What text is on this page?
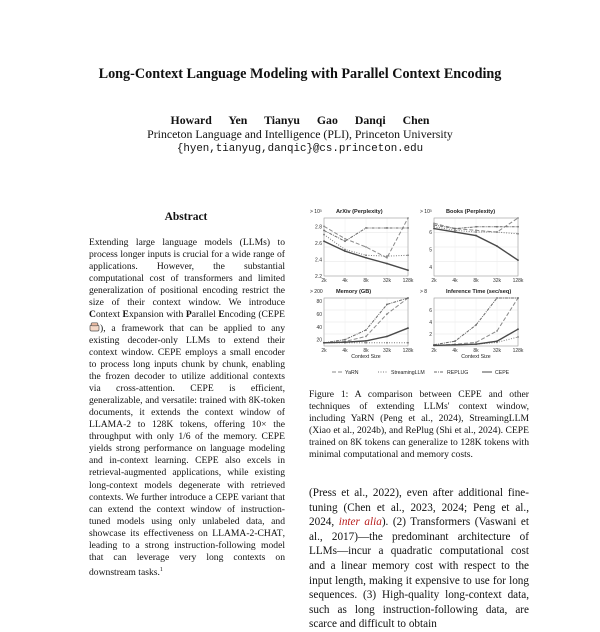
Long-Context Language Modeling with Parallel Context Encoding
Howard Yen Tianyu Gao Danqi Chen
Princeton Language and Intelligence (PLI), Princeton University
{hyen,tianyug,danqic}@cs.princeton.edu
Abstract
Extending large language models (LLMs) to process longer inputs is crucial for a wide range of applications. However, the substantial computational cost of transformers and limited generalization of positional encoding restrict the size of their context window. We introduce Context Expansion with Parallel Encoding (CEPE ), a framework that can be applied to any existing decoder-only LLMs to extend their context window. CEPE employs a small encoder to process long inputs chunk by chunk, enabling the frozen decoder to utilize additional contexts via cross-attention. CEPE is efficient, generalizable, and versatile: trained with 8K-token documents, it extends the context window of LLAMA-2 to 128K tokens, offering 10× the throughput with only 1/6 of the memory. CEPE yields strong performance on language modeling and in-context learning. CEPE also excels in retrieval-augmented applications, while existing long-context models degenerate with retrieved contexts. We further introduce a CEPE variant that can extend the context window of instruction-tuned models using only unlabeled data, and showcase its effectiveness on LLAMA-2-CHAT, leading to a strong instruction-following model that can leverage very long contexts on downstream tasks.$^1$
ArXiv (Perplexity)
> 10³
2.2
2.4
2.6
2.8
2k	4k	8k	32k 128k
Books (Perplexity)
> 10³
4
5
6
2k	4k	8k	32k 128k
Memory (GB)
> 200
20
40
60
80
2k	4k	8k	32k 128k
Context Size
Inference Time (sec/seq)
> 8
2
4
6
2k	4k	8k	32k 128k
Context Size
YaRN	StreamingLLM	REPLUG	CEPE
Figure 1: A comparison between CEPE and other techniques of extending LLMs' context window, including YaRN (Peng et al., 2024), StreamingLLM (Xiao et al., 2024b), and RePlug (Shi et al., 2024). CEPE trained on 8K tokens can generalize to 128K tokens with minimal computational and memory costs.
(Press et al., 2022), even after additional fine-tuning (Chen et al., 2023, 2024; Peng et al., 2024, inter alia). (2) Transformers (Vaswani et al., 2017)—the predominant architecture of LLMs—incur a quadratic computational cost and a linear memory cost with respect to the input length, making it expensive to use for long sequences. (3) High-quality long-context data, such as long instruction-following data, are scarce and difficult to obtain
